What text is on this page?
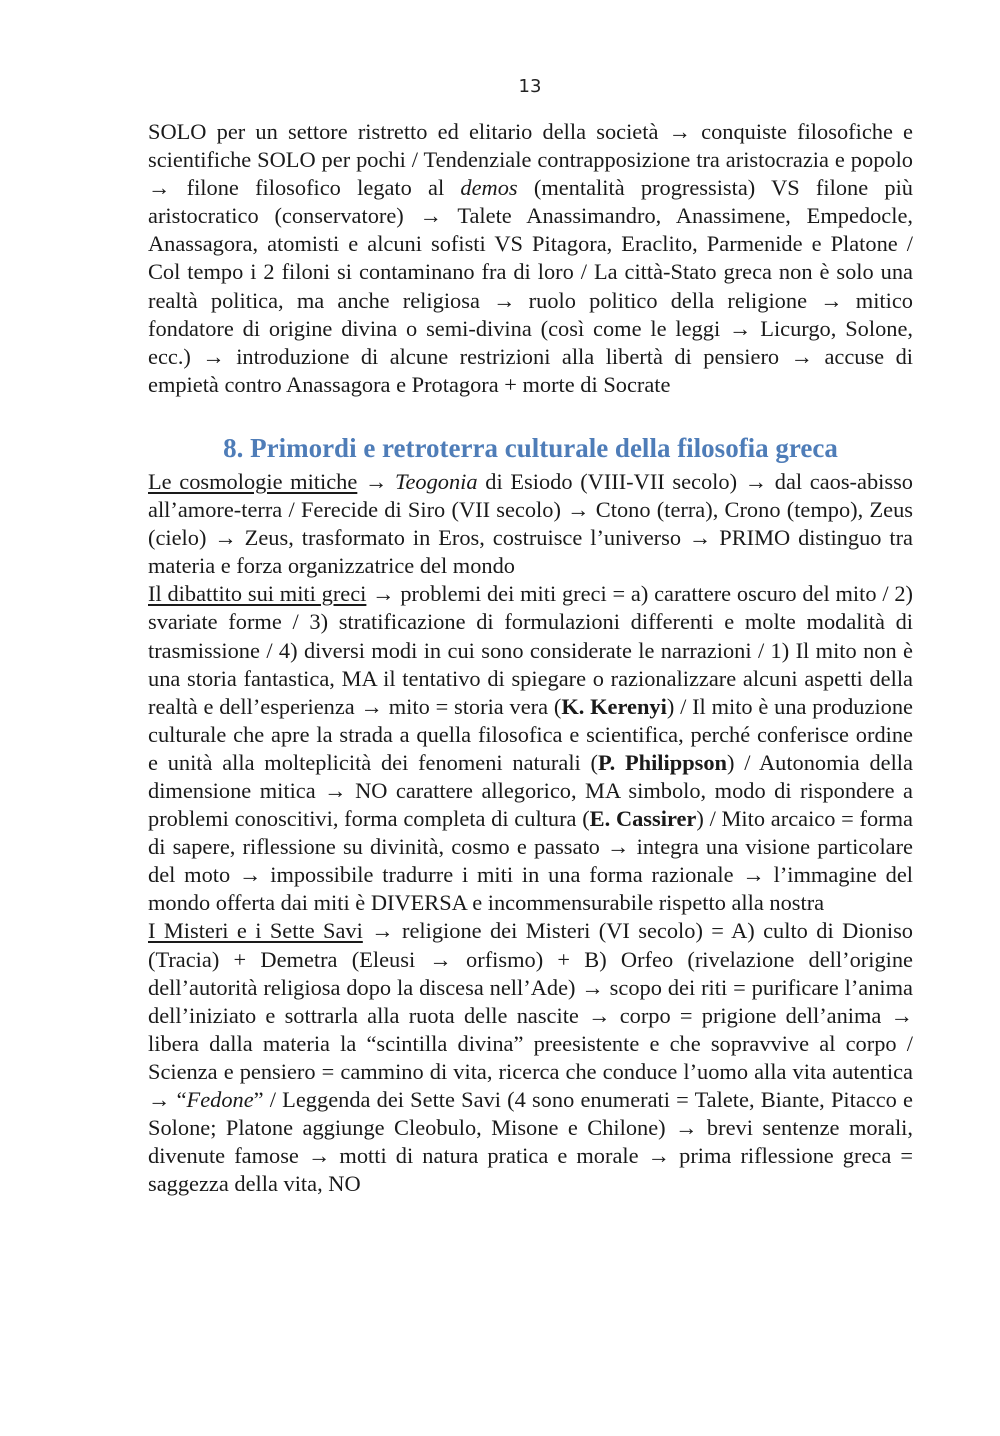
13

SOLO per un settore ristretto ed elitario della società → conquiste filosofiche e scientifiche SOLO per pochi / Tendenziale contrapposizione tra aristocrazia e popolo → filone filosofico legato al demos (mentalità progressista) VS filone più aristocratico (conservatore) → Talete Anassimandro, Anassimene, Empedocle, Anassagora, atomisti e alcuni sofisti VS Pitagora, Eraclito, Parmenide e Platone / Col tempo i 2 filoni si contaminano fra di loro / La città-Stato greca non è solo una realtà politica, ma anche religiosa → ruolo politico della religione → mitico fondatore di origine divina o semi-divina (così come le leggi → Licurgo, Solone, ecc.) → introduzione di alcune restrizioni alla libertà di pensiero → accuse di empietà contro Anassagora e Protagora + morte di Socrate

8. Primordi e retroterra culturale della filosofia greca

Le cosmologie mitiche → Teogonia di Esiodo (VIII-VII secolo) → dal caos-abisso all’amore-terra / Ferecide di Siro (VII secolo) → Ctono (terra), Crono (tempo), Zeus (cielo) → Zeus, trasformato in Eros, costruisce l’universo → PRIMO distinguo tra materia e forza organizzatrice del mondo

Il dibattito sui miti greci → problemi dei miti greci = a) carattere oscuro del mito / 2) svariate forme / 3) stratificazione di formulazioni differenti e molte modalità di trasmissione / 4) diversi modi in cui sono considerate le narrazioni / 1) Il mito non è una storia fantastica, MA il tentativo di spiegare o razionalizzare alcuni aspetti della realtà e dell’esperienza → mito = storia vera (K. Kerenyi) / Il mito è una produzione culturale che apre la strada a quella filosofica e scientifica, perché conferisce ordine e unità alla molteplicità dei fenomeni naturali (P. Philippson) / Autonomia della dimensione mitica → NO carattere allegorico, MA simbolo, modo di rispondere a problemi conoscitivi, forma completa di cultura (E. Cassirer) / Mito arcaico = forma di sapere, riflessione su divinità, cosmo e passato → integra una visione particolare del moto → impossibile tradurre i miti in una forma razionale → l’immagine del mondo offerta dai miti è DIVERSA e incommensurabile rispetto alla nostra

I Misteri e i Sette Savi → religione dei Misteri (VI secolo) = A) culto di Dioniso (Tracia) + Demetra (Eleusi → orfismo) + B) Orfeo (rivelazione dell’origine dell’autorità religiosa dopo la discesa nell’Ade) → scopo dei riti = purificare l’anima dell’iniziato e sottrarla alla ruota delle nascite → corpo = prigione dell’anima → libera dalla materia la “scintilla divina” preesistente e che sopravvive al corpo / Scienza e pensiero = cammino di vita, ricerca che conduce l’uomo alla vita autentica → “Fedone” / Leggenda dei Sette Savi (4 sono enumerati = Talete, Biante, Pitacco e Solone; Platone aggiunge Cleobulo, Misone e Chilone) → brevi sentenze morali, divenute famose → motti di natura pratica e morale → prima riflessione greca = saggezza della vita, NO
